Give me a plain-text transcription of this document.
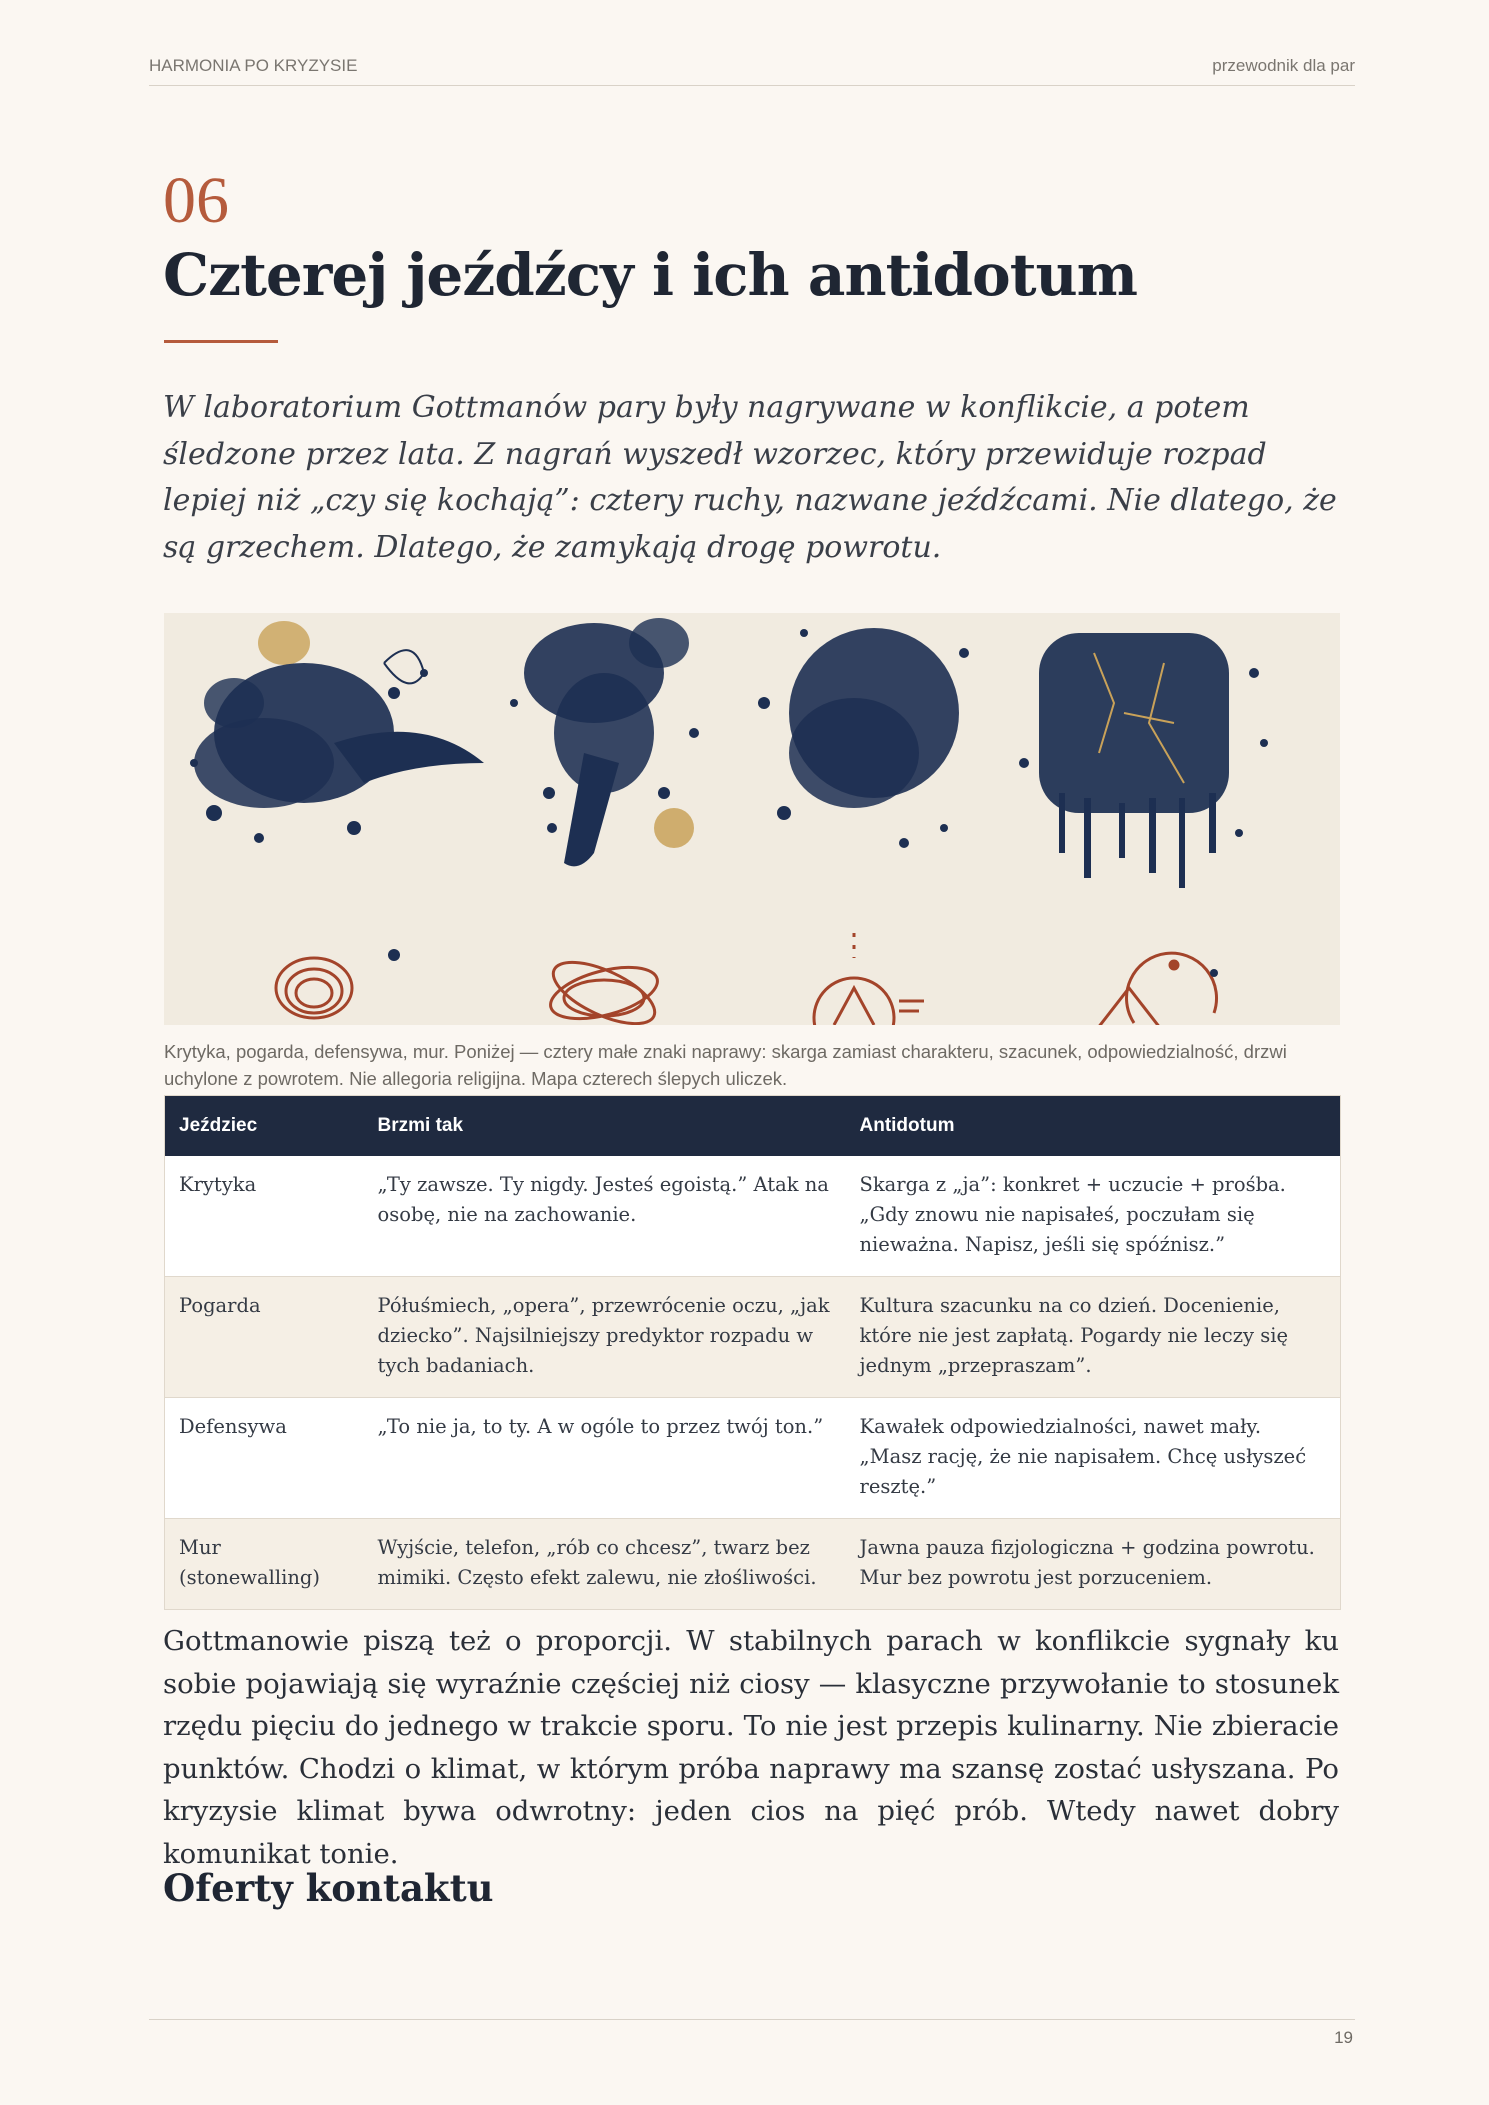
HARMONIA PO KRYZYSIE	przewodnik dla par
06
Czterej jeźdźcy i ich antidotum

W laboratorium Gottmanów pary były nagrywane w konflikcie, a potem śledzone przez lata. Z nagrań wyszedł wzorzec, który przewiduje rozpad lepiej niż „czy się kochają”: cztery ruchy, nazwane jeźdźcami. Nie dlatego, że są grzechem. Dlatego, że zamykają drogę powrotu.

Krytyka, pogarda, defensywa, mur. Poniżej — cztery małe znaki naprawy: skarga zamiast charakteru, szacunek, odpowiedzialność, drzwi uchylone z powrotem. Nie allegoria religijna. Mapa czterech ślepych uliczek.
Jeździec	Brzmi tak	Antidotum
Krytyka	„Ty zawsze. Ty nigdy. Jesteś egoistą.” Atak na osobę, nie na zachowanie.	Skarga z „ja”: konkret + uczucie + prośba. „Gdy znowu nie napisałeś, poczułam się nieważna. Napisz, jeśli się spóźnisz.”
Pogarda	Półuśmiech, „opera”, przewrócenie oczu, „jak dziecko”. Najsilniejszy predyktor rozpadu w tych badaniach.	Kultura szacunku na co dzień. Docenienie, które nie jest zapłatą. Pogardy nie leczy się jednym „przepraszam”.
Defensywa	„To nie ja, to ty. A w ogóle to przez twój ton.”	Kawałek odpowiedzialności, nawet mały. „Masz rację, że nie napisałem. Chcę usłyszeć resztę.”
Mur (stonewalling)	Wyjście, telefon, „rób co chcesz”, twarz bez mimiki. Często efekt zalewu, nie złośliwości.	Jawna pauza fizjologiczna + godzina powrotu. Mur bez powrotu jest porzuceniem.

Gottmanowie piszą też o proporcji. W stabilnych parach w konflikcie sygnały ku sobie pojawiają się wyraźnie częściej niż ciosy — klasyczne przywołanie to stosunek rzędu pięciu do jednego w trakcie sporu. To nie jest przepis kulinarny. Nie zbieracie punktów. Chodzi o klimat, w którym próba naprawy ma szansę zostać usłyszana. Po kryzysie klimat bywa odwrotny: jeden cios na pięć prób. Wtedy nawet dobry komunikat tonie.

Oferty kontaktu
19
